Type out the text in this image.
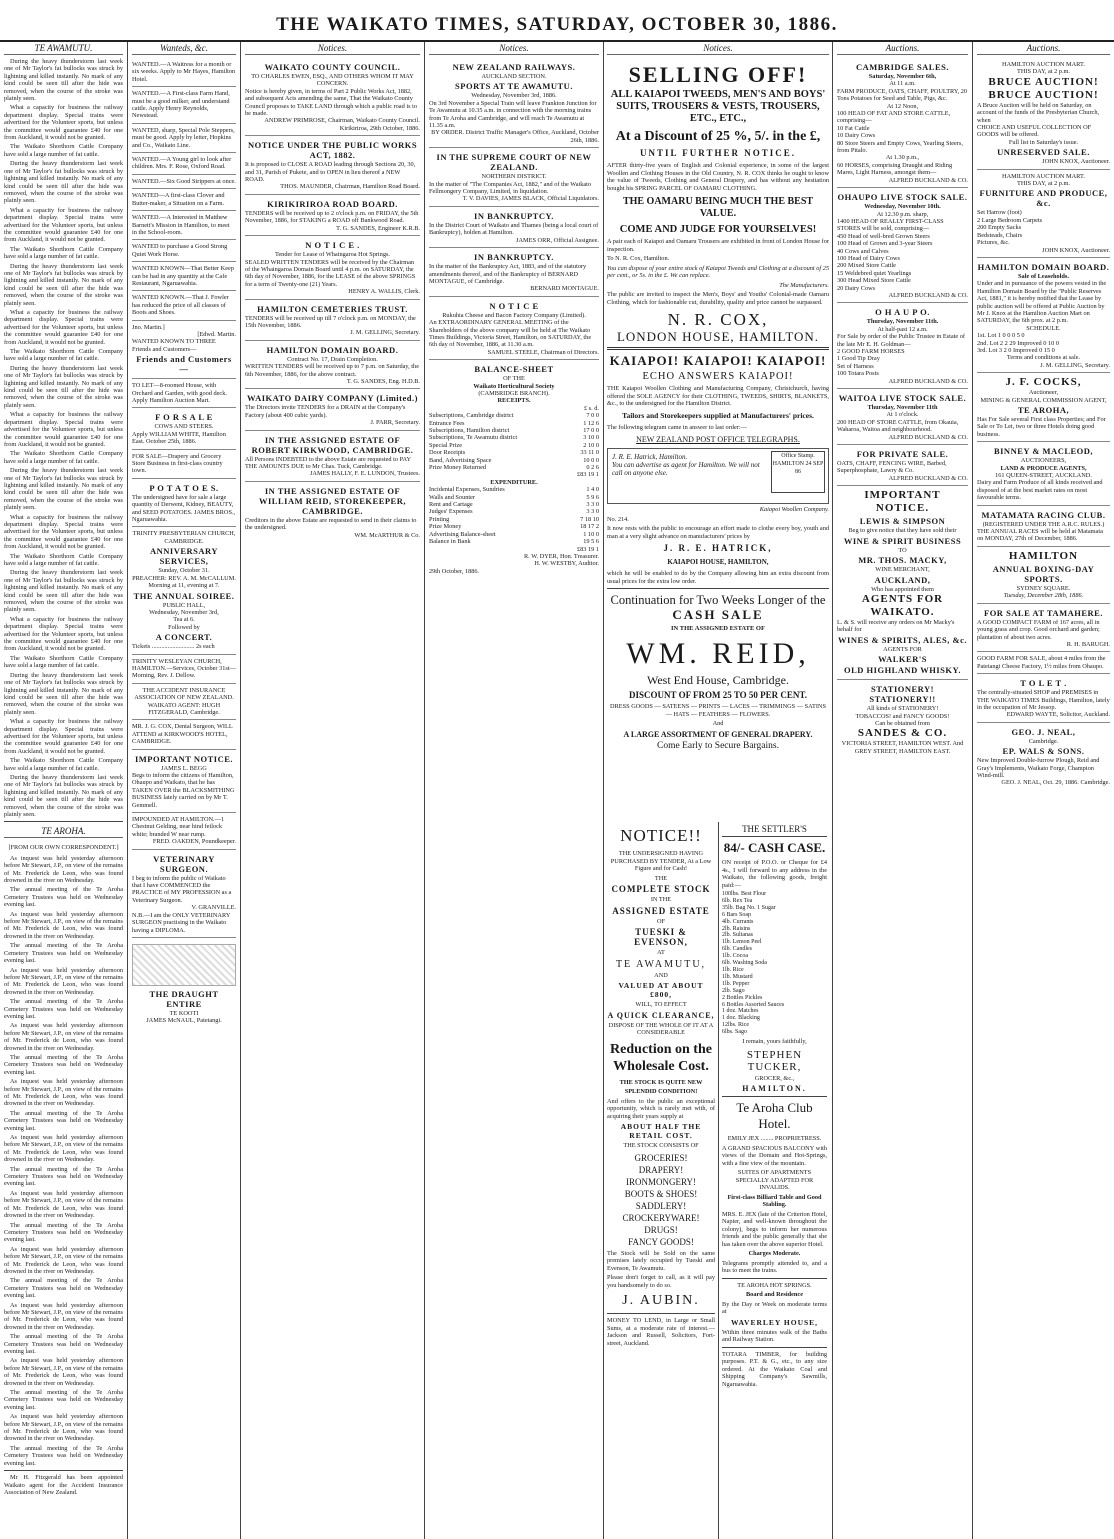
THE WAIKATO TIMES, SATURDAY, OCTOBER 30, 1886.
TE AWAMUTU.

During the heavy thunderstorm last week one of Mr Taylor's fat bullocks was struck by lightning and killed instantly. No mark of any kind could be seen till after the hide was removed, when the course of the stroke was plainly seen.

What a capacity for business the railway department display. Special trains were advertised for the Volunteer sports, but unless the committee would guarantee £40 for one from Auckland, it would not be granted.

The Waikato Shorthorn Cattle Company have sold a large number of fat cattle.

During the heavy thunderstorm last week one of Mr Taylor's fat bullocks was struck by lightning and killed instantly. No mark of any kind could be seen till after the hide was removed, when the course of the stroke was plainly seen.

What a capacity for business the railway department display. Special trains were advertised for the Volunteer sports, but unless the committee would guarantee £40 for one from Auckland, it would not be granted.

The Waikato Shorthorn Cattle Company have sold a large number of fat cattle.

During the heavy thunderstorm last week one of Mr Taylor's fat bullocks was struck by lightning and killed instantly. No mark of any kind could be seen till after the hide was removed, when the course of the stroke was plainly seen.

What a capacity for business the railway department display. Special trains were advertised for the Volunteer sports, but unless the committee would guarantee £40 for one from Auckland, it would not be granted.

The Waikato Shorthorn Cattle Company have sold a large number of fat cattle.

During the heavy thunderstorm last week one of Mr Taylor's fat bullocks was struck by lightning and killed instantly. No mark of any kind could be seen till after the hide was removed, when the course of the stroke was plainly seen.

What a capacity for business the railway department display. Special trains were advertised for the Volunteer sports, but unless the committee would guarantee £40 for one from Auckland, it would not be granted.

The Waikato Shorthorn Cattle Company have sold a large number of fat cattle.

During the heavy thunderstorm last week one of Mr Taylor's fat bullocks was struck by lightning and killed instantly. No mark of any kind could be seen till after the hide was removed, when the course of the stroke was plainly seen.

What a capacity for business the railway department display. Special trains were advertised for the Volunteer sports, but unless the committee would guarantee £40 for one from Auckland, it would not be granted.

The Waikato Shorthorn Cattle Company have sold a large number of fat cattle.

During the heavy thunderstorm last week one of Mr Taylor's fat bullocks was struck by lightning and killed instantly. No mark of any kind could be seen till after the hide was removed, when the course of the stroke was plainly seen.

What a capacity for business the railway department display. Special trains were advertised for the Volunteer sports, but unless the committee would guarantee £40 for one from Auckland, it would not be granted.

The Waikato Shorthorn Cattle Company have sold a large number of fat cattle.

During the heavy thunderstorm last week one of Mr Taylor's fat bullocks was struck by lightning and killed instantly. No mark of any kind could be seen till after the hide was removed, when the course of the stroke was plainly seen.

What a capacity for business the railway department display. Special trains were advertised for the Volunteer sports, but unless the committee would guarantee £40 for one from Auckland, it would not be granted.

The Waikato Shorthorn Cattle Company have sold a large number of fat cattle.

During the heavy thunderstorm last week one of Mr Taylor's fat bullocks was struck by lightning and killed instantly. No mark of any kind could be seen till after the hide was removed, when the course of the stroke was plainly seen.

TE AROHA.
[FROM OUR OWN CORRESPONDENT.]

As inquest was held yesterday afternoon before Mr Stewart, J.P., on view of the remains of Mr. Frederick de Leon, who was found drowned in the river on Wednesday.

The annual meeting of the Te Aroha Cemetery Trustees was held on Wednesday evening last.

As inquest was held yesterday afternoon before Mr Stewart, J.P., on view of the remains of Mr. Frederick de Leon, who was found drowned in the river on Wednesday.

The annual meeting of the Te Aroha Cemetery Trustees was held on Wednesday evening last.

As inquest was held yesterday afternoon before Mr Stewart, J.P., on view of the remains of Mr. Frederick de Leon, who was found drowned in the river on Wednesday.

The annual meeting of the Te Aroha Cemetery Trustees was held on Wednesday evening last.

As inquest was held yesterday afternoon before Mr Stewart, J.P., on view of the remains of Mr. Frederick de Leon, who was found drowned in the river on Wednesday.

The annual meeting of the Te Aroha Cemetery Trustees was held on Wednesday evening last.

As inquest was held yesterday afternoon before Mr Stewart, J.P., on view of the remains of Mr. Frederick de Leon, who was found drowned in the river on Wednesday.

The annual meeting of the Te Aroha Cemetery Trustees was held on Wednesday evening last.

As inquest was held yesterday afternoon before Mr Stewart, J.P., on view of the remains of Mr. Frederick de Leon, who was found drowned in the river on Wednesday.

The annual meeting of the Te Aroha Cemetery Trustees was held on Wednesday evening last.

As inquest was held yesterday afternoon before Mr Stewart, J.P., on view of the remains of Mr. Frederick de Leon, who was found drowned in the river on Wednesday.

The annual meeting of the Te Aroha Cemetery Trustees was held on Wednesday evening last.

As inquest was held yesterday afternoon before Mr Stewart, J.P., on view of the remains of Mr. Frederick de Leon, who was found drowned in the river on Wednesday.

The annual meeting of the Te Aroha Cemetery Trustees was held on Wednesday evening last.

As inquest was held yesterday afternoon before Mr Stewart, J.P., on view of the remains of Mr. Frederick de Leon, who was found drowned in the river on Wednesday.

The annual meeting of the Te Aroha Cemetery Trustees was held on Wednesday evening last.

As inquest was held yesterday afternoon before Mr Stewart, J.P., on view of the remains of Mr. Frederick de Leon, who was found drowned in the river on Wednesday.

The annual meeting of the Te Aroha Cemetery Trustees was held on Wednesday evening last.

As inquest was held yesterday afternoon before Mr Stewart, J.P., on view of the remains of Mr. Frederick de Leon, who was found drowned in the river on Wednesday.

The annual meeting of the Te Aroha Cemetery Trustees was held on Wednesday evening last.

Mr H. Fitzgerald has been appointed Waikato agent for the Accident Insurance Association of New Zealand.

Wanteds, &c.
WANTED.—A Waitress for a month or six weeks. Apply to Mr Hayes, Hamilton Hotel.
WANTED.—A First-class Farm Hand, must be a good milker, and understand cattle. Apply Henry Reynolds, Newstead.
WANTED, sharp, Special Pole Steppers, must be good. Apply by letter, Hopkins and Co., Waikato Line.
WANTED.—A Young girl to look after children. Mrs. F. Rose, Oxford Road.
WANTED.—Six Good Strippers at once.
WANTED—A first-class Clover and Butter-maker, a Situation on a Farm.
WANTED.—A Interested in Matthew Barnett's Mission in Hamilton, to meet in the School-room.
WANTED to purchase a Good Strong Quiet Work Horse.
WANTED KNOWN—That Better Keep can be had in any quantity at the Cafe Restaurant, Ngaruawahia.
WANTED KNOWN.—That J. Fowler has reduced the price of all classes of Boots and Shoes.
Jno. Martin.]
[Edwd. Martin.
WANTED KNOWN TO THREE Friends and Customers—
Friends and Customers—
TO LET—8-roomed House, with Orchard and Garden, with good deck. Apply Hamilton Auction Mart.
F O R S A L E
COWS AND STEERS.
Apply WILLIAM WHITE, Hamilton East. October 25th, 1886.
FOR SALE—Drapery and Grocery Store Business in first-class country town.
P O T A T O E S.
The undersigned have for sale a large quantity of Derwent, Kidney, BEAUTY, and SEED POTATOES. JAMES BROS., Ngaruawahia.
TRINITY PRESBYTERIAN CHURCH, CAMBRIDGE.
ANNIVERSARY SERVICES,
Sunday, October 31.
PREACHER: REV. A. M. McCALLUM.
Morning at 11, evening at 7.
THE ANNUAL SOIREE.
PUBLIC HALL,
Wednesday, November 3rd,
Tea at 6.
Followed by
A CONCERT.
Tickets ........................... 2s each
TRINITY WESLEYAN CHURCH, HAMILTON.—Services, October 31st—Morning, Rev. J. Dellow.
THE ACCIDENT INSURANCE ASSOCIATION OF NEW ZEALAND.
WAIKATO AGENT: HUGH FITZGERALD, Cambridge.
MR. J. G. COX, Dental Surgeon, WILL ATTEND at KIRKWOOD'S HOTEL, CAMBRIDGE.
IMPORTANT NOTICE.
JAMES L. BEGG
Begs to inform the citizens of Hamilton, Ohaupo and Waikato, that he has TAKEN OVER the BLACKSMITHING BUSINESS lately carried on by Mr T. Gemmell.
IMPOUNDED AT HAMILTON.—1 Chestnut Gelding, near hind fetlock white; branded W near rump.
FRED. OAKDEN, Poundkeeper.
VETERINARY SURGEON.
I beg to inform the public of Waikato that I have COMMENCED the PRACTICE of MY PROFESSION as a Veterinary Surgeon.
V. GRANVILLE.
N.B.—I am the ONLY VETERINARY SURGEON practising in the Waikato having a DIPLOMA.
THE DRAUGHT ENTIRE
TE KOOTI
JAMES McNAUL, Patetangi.
Notices.
WAIKATO COUNTY COUNCIL.
TO CHARLES EWEN, ESQ., AND OTHERS WHOM IT MAY CONCERN.
Notice is hereby given, in terms of Part 2 Public Works Act, 1882, and subsequent Acts amending the same, That the Waikato County Council proposes to TAKE LAND through which a public road is to be made.
ANDREW PRIMROSE, Chairman, Waikato County Council. Kirikiriroa, 29th October, 1886.
NOTICE UNDER THE PUBLIC WORKS ACT, 1882.
It is proposed to CLOSE A ROAD leading through Sections 20, 30, and 31, Parish of Pukete, and to OPEN in lieu thereof a NEW ROAD.
THOS. MAUNDER, Chairman, Hamilton Road Board.
KIRIKIRIROA ROAD BOARD.
TENDERS will be received up to 2 o'clock p.m. on FRIDAY, the 5th November, 1886, for STAKING a ROAD off Bankwood Road.
T. G. SANDES, Engineer K.R.B.
N O T I C E .
Tender for Lease of Whaingaroa Hot Springs.
SEALED WRITTEN TENDERS will be received by the Chairman of the Whaingaroa Domain Board until 4 p.m. on SATURDAY, the 6th day of November, 1886, for the LEASE of the above SPRINGS for a term of Twenty-one (21) Years.
HENRY A. WALLIS, Clerk.
HAMILTON CEMETERIES TRUST.
TENDERS will be received up till 7 o'clock p.m. on MONDAY, the 15th November, 1886.
J. M. GELLING, Secretary.
HAMILTON DOMAIN BOARD.
Contract No. 17, Drain Completion.
WRITTEN TENDERS will be received up to 7 p.m. on Saturday, the 6th November, 1886, for the above contract.
T. G. SANDES, Eng. H.D.B.
WAIKATO DAIRY COMPANY (Limited.)
The Directors invite TENDERS for a DRAIN at the Company's Factory (about 400 cubic yards).
J. PARR, Secretary.
IN THE ASSIGNED ESTATE OF ROBERT KIRKWOOD, CAMBRIDGE.
All Persons INDEBTED to the above Estate are requested to PAY THE AMOUNTS DUE to Mr Chas. Tuck, Cambridge.
JAMES HALLY, F. E. LUNDON, Trustees.
IN THE ASSIGNED ESTATE OF WILLIAM REID, STOREKEEPER, CAMBRIDGE.
Creditors in the above Estate are requested to send in their claims to the undersigned.
WM. McARTHUR & Co.
Notices.
NEW ZEALAND RAILWAYS.
AUCKLAND SECTION.
SPORTS AT TE AWAMUTU.
Wednesday, November 3rd, 1886.
On 3rd November a Special Train will leave Frankton Junction for Te Awamutu at 10.35 a.m. in connection with the morning trains from Te Aroha and Cambridge, and will reach Te Awamutu at 11.35 a.m.
BY ORDER. District Traffic Manager's Office, Auckland, October 26th, 1886.
IN THE SUPREME COURT OF NEW ZEALAND.
NORTHERN DISTRICT.
In the matter of "The Companies Act, 1882," and of the Waikato Fellmongery Company, Limited, in liquidation.
T. V. DAVIES, JAMES BLACK, Official Liquidators.
IN BANKRUPTCY.
In the District Court of Waikato and Thames (being a local court of Bankruptcy), holden at Hamilton.
JAMES ORR, Official Assignee.
IN BANKRUPTCY.
In the matter of the Bankruptcy Act, 1883, and of the statutory amendments thereof, and of the Bankruptcy of BERNARD MONTAGUE, of Cambridge.
BERNARD MONTAGUE.
N O T I C E
Rukuhia Cheese and Bacon Factory Company (Limited).
An EXTRAORDINARY GENERAL MEETING of the Shareholders of the above company will be held at The Waikato Times Buildings, Victoria Street, Hamilton, on SATURDAY, the 6th day of November, 1886, at 11.30 a.m.
SAMUEL STEELE, Chairman of Directors.
BALANCE-SHEET
OF THE
Waikato Horticultural Society
(CAMBRIDGE BRANCH).
RECEIPTS.
£ s. d.
Subscriptions, Cambridge district	7 0 0
Entrance Fees	1 12 6
Subscriptions, Hamilton district	17 0 0
Subscriptions, Te Awamutu district	3 10 0
Special Prize	2 10 0
Door Receipts	33 11 0
Band, Advertising Space	10 0 0
Prize Money Returned	0 2 6
£83 19 1
EXPENDITURE.
Incidental Expenses, Sundries	1 4 0
Walls and Sounter	5 9 6
Rent and Cartage	3 3 0
Judges' Expenses	3 3 0
Printing	7 18 10
Prize Money	18 17 2
Advertising Balance-sheet	1 10 0
Balance in Bank	19 5 6
£83 19 1
R. W. DYER, Hon. Treasurer.
H. W. WESTBY, Auditor.
29th October, 1886.
Notices.
SELLING OFF!
ALL KAIAPOI TWEEDS, MEN'S AND BOYS' SUITS, TROUSERS & VESTS, TROUSERS, ETC., ETC.,
At a Discount of 25 %, 5/. in the £,
UNTIL FURTHER NOTICE.
AFTER thirty-five years of English and Colonial experience, in some of the largest Woollen and Clothing Houses in the Old Country, N. R. COX thinks he ought to know the value of Tweeds, Clothing and General Drapery, and has without any hesitation bought his SPRING PARCEL OF OAMARU CLOTHING.
THE OAMARU BEING MUCH THE BEST VALUE.
COME AND JUDGE FOR YOURSELVES!
A pair each of Kaiapoi and Oamaru Trousers are exhibited in front of London House for inspection.
To N. R. Cox, Hamilton.
You can dispose of your entire stock of Kaiapoi Tweeds and Clothing at a discount of 25 per cent., or 5s. in the £. We can replace.
The Manufacturers.
The public are invited to inspect the Men's, Boys' and Youths' Colonial-made Oamaru Clothing, which for fashionable cut, durability, quality and price cannot be surpassed.
N. R. COX,
LONDON HOUSE, HAMILTON.
KAIAPOI! KAIAPOI! KAIAPOI!
ECHO ANSWERS KAIAPOI!
THE Kaiapoi Woollen Clothing and Manufacturing Company, Christchurch, having offered the SOLE AGENCY for their CLOTHING, TWEEDS, SHIRTS, BLANKETS, &c., to the undersigned for the Hamilton District.
Tailors and Storekeepers supplied at Manufacturers' prices.
The following telegram came in answer to last order:—
NEW ZEALAND POST OFFICE TELEGRAPHS.
J. R. E. Hatrick, Hamilton.
You can advertise as agent for Hamilton. We will not call on anyone else.
Office Stamp. HAMILTON 24 SEP 86
Kaiapoi Woollen Company.
No. 214.
It now rests with the public to encourage an effort made to clothe every boy, youth and man at a very slight advance on manufacturers' prices by
J. R. E. HATRICK,
KAIAPOI HOUSE, HAMILTON,
which he will be enabled to do by the Company allowing him an extra discount from usual prices for the extra low order.
Continuation for Two Weeks Longer of the
CASH SALE
IN THE ASSIGNED ESTATE OF
WM. REID,
West End House, Cambridge.
DISCOUNT OF FROM 25 TO 50 PER CENT.
DRESS GOODS — SATEENS — PRINTS — LACES — TRIMMINGS — SATINS — HATS — FEATHERS — FLOWERS.
And
A LARGE ASSORTMENT OF GENERAL DRAPERY.
Come Early to Secure Bargains.
NOTICE!!
THE UNDERSIGNED HAVING PURCHASED BY TENDER, At a Low Figure and for Cash!
THE
COMPLETE STOCK
IN THE
ASSIGNED ESTATE
OF
TUESKI & EVENSON,
AT
TE AWAMUTU,
AND
VALUED AT ABOUT £800,
WILL, TO EFFECT
A QUICK CLEARANCE,
DISPOSE OF THE WHOLE OF IT AT A CONSIDERABLE
Reduction on the Wholesale Cost.
THE STOCK IS QUITE NEW
SPLENDID CONDITION!
And offers to the public an exceptional opportunity, which is rarely met with, of acquiring their years supply at
ABOUT HALF THE RETAIL COST.
THE STOCK CONSISTS OF
GROCERIES!
DRAPERY!
IRONMONGERY!
BOOTS & SHOES!
SADDLERY!
CROCKERYWARE!
DRUGS!
FANCY GOODS!
The Stock will be Sold on the same premises lately occupied by Tueski and Evenson, Te Awamutu.
Please don't forget to call, as it will pay you handsomely to do so.
J. AUBIN.
MONEY TO LEND, in Large or Small Sums, at a moderate rate of interest.—Jackson and Russell, Solicitors, Fort-street, Auckland.
THE SETTLER'S
84/- CASH CASE.
ON receipt of P.O.O. or Cheque for £4 4s., I will forward to any address in the Waikato, the following goods, freight paid:—
100lbs. Best Flour
6lb. Rex Tea
35lb. Bag No. 1 Sugar
6 Bars Soap
4lb. Currants
2lb. Raisins
2lb. Sultanas
1lb. Lemon Peel
6lb. Candles
1lb. Cocoa
6lb. Washing Soda
1lb. Rice
1lb. Mustard
1lb. Pepper
2lb. Sago
2 Bottles Pickles
6 Bottles Assorted Sauces
1 doz. Matches
1 doz. Blacking
12lbs. Rice
6lbs. Sago
I remain, yours faithfully,
STEPHEN TUCKER,
GROCER, &c.,
HAMILTON.
Te Aroha Club Hotel.
EMILY JEX ........ PROPRIETRESS.
A GRAND SPACIOUS BALCONY with views of the Domain and Hot-Springs, with a fine view of the mountain.
SUITES OF APARTMENTS SPECIALLY ADAPTED FOR INVALIDS.
First-class Billiard Table and Good Stabling.
MRS. E. JEX (late of the Criterion Hotel, Napier, and well-known throughout the colony), begs to inform her numerous friends and the public generally that she has taken over the above superior Hotel.
Charges Moderate.
Telegrams promptly attended to, and a bus to meet the trains.
TE AROHA HOT SPRINGS.
Board and Residence
By the Day or Week on moderate terms at
WAVERLEY HOUSE,
Within three minutes walk of the Baths and Railway Station.
TOTARA TIMBER, for building purposes. P.T. & G., etc., to any size ordered. At the Waikato Coal and Shipping Company's Sawmills, Ngaruawahia.
Auctions.
CAMBRIDGE SALES.
Saturday, November 6th,
At 11 a.m.
FARM PRODUCE, OATS, CHAFF, POULTRY, 20 Tons Potatoes for Seed and Table, Pigs, &c.
At 12 Noon,
100 HEAD OF FAT AND STORE CATTLE, comprising—
10 Fat Cattle
10 Dairy Cows
80 Store Steers and Empty Cows, Yearling Steers, from Pitalo.
At 1.30 p.m.,
60 HORSES, comprising Draught and Riding Mares, Light Harness, amongst them—
ALFRED BUCKLAND & CO.
OHAUPO LIVE STOCK SALE.
Wednesday, November 10th.
At 12.30 p.m. sharp,
1400 HEAD OF REALLY FIRST-CLASS STORES will be sold, comprising—
450 Head of well-bred Grown Steers
100 Head of Grown and 3-year Steers
40 Cows and Calves
100 Head of Dairy Cows
200 Mixed Store Cattle
15 Weldebred quiet Yearlings
300 Head Mixed Store Cattle
20 Dairy Cows
ALFRED BUCKLAND & CO.
O H A U P O.
Thursday, November 11th.
At half-past 12 a.m.
For Sale by order of the Public Trustee in Estate of the late Mr E. H. Goldman—
2 GOOD FARM HORSES
1 Good Tip Dray
Set of Harness
100 Totara Posts
ALFRED BUCKLAND & CO.
WAITOA LIVE STOCK SALE.
Thursday, November 11th
At 1 o'clock.
200 HEAD OF STORE CATTLE, from Okauia, Waharoa, Waitoa and neighbourhood.
ALFRED BUCKLAND & CO.
FOR PRIVATE SALE.
OATS, CHAFF, FENCING WIRE, Barbed, Superphosphate, Lawry & Co.
ALFRED BUCKLAND & CO.
IMPORTANT NOTICE.
LEWIS & SIMPSON
Beg to give notice that they have sold their
WINE & SPIRIT BUSINESS
TO
MR. THOS. MACKY,
WINE MERCHANT,
AUCKLAND,
Who has appointed them
AGENTS FOR WAIKATO.
L. & S. will receive any orders on Mr Macky's behalf for
WINES & SPIRITS, ALES, &c.
AGENTS FOR
WALKER'S
OLD HIGHLAND WHISKY.
STATIONERY! STATIONERY!!
All kinds of STATIONERY!
TOBACCOS! and FANCY GOODS!
Can be obtained from
SANDES & CO.
VICTORIA STREET, HAMILTON WEST. And GREY STREET, HAMILTON EAST.
Auctions.
HAMILTON AUCTION MART.
THIS DAY, at 2 p.m.
BRUCE AUCTION!
BRUCE AUCTION!
A Bruce Auction will be held on Saturday, on account of the funds of the Presbyterian Church, when
CHOICE AND USEFUL COLLECTION OF GOODS will be offered.
Full list in Saturday's issue.
UNRESERVED SALE.
JOHN KNOX, Auctioneer.
HAMILTON AUCTION MART.
THIS DAY, at 2 p.m.
FURNITURE AND PRODUCE, &c.
Set Harrow (foot)
2 Large Bedroom Carpets
200 Empty Sacks
Bedsteads, Chairs
Pictures, &c.
JOHN KNOX, Auctioneer.
HAMILTON DOMAIN BOARD.
Sale of Leaseholds.
Under and in pursuance of the powers vested in the Hamilton Domain Board by the "Public Reserves Act, 1881," it is hereby notified that the Lease by public auction will be offered at Public Auction by Mr J. Knox at the Hamilton Auction Mart on SATURDAY, the 6th prox. at 2 p.m.
SCHEDULE.
1st. Lot 1 0 0 0 5 0
2nd. Lot 2 2 29 Improved 0 10 0
3rd. Lot 3 2 0 Improved 0 15 0
Terms and conditions at sale.
J. M. GELLING, Secretary.
J. F. COCKS,
Auctioneer,
MINING & GENERAL COMMISSION AGENT,
TE AROHA,
Has For Sale several First class Properties; and For Sale or To Let, two or three Hotels doing good business.
BINNEY & MACLEOD,
AUCTIONEERS,
LAND & PRODUCE AGENTS,
161 QUEEN-STREET, AUCKLAND.
Dairy and Farm Produce of all kinds received and disposed of at the best market rates on most favourable terms.
MATAMATA RACING CLUB.
(REGISTERED UNDER THE A.R.C. RULES.)
THE ANNUAL RACES will be held at Matamata on MONDAY, 27th of December, 1886.
HAMILTON
ANNUAL BOXING-DAY SPORTS.
SYDNEY SQUARE.
Tuesday, December 28th, 1886.
FOR SALE AT TAMAHERE.
A GOOD COMPACT FARM of 167 acres, all in young grass and crop. Good orchard and garden; plantation of about two acres.
R. H. BARUGH.
GOOD FARM FOR SALE, about 4 miles from the Patetangi Cheese Factory, 1½ miles from Ohaupo.
T O L E T .
The centrally-situated SHOP and PREMISES in THE WAIKATO TIMES Buildings, Hamilton, lately in the occupation of Mr Jessop.
EDWARD WAYTE, Solicitor, Auckland.
GEO. J. NEAL,
Cambridge.
EP. WALS & SONS.
New Improved Double-furrow Plough, Reid and Gray's Implements, Waikato Forge, Champion Wind-mill.
GEO. J. NEAL, Oct. 29, 1886. Cambridge.
